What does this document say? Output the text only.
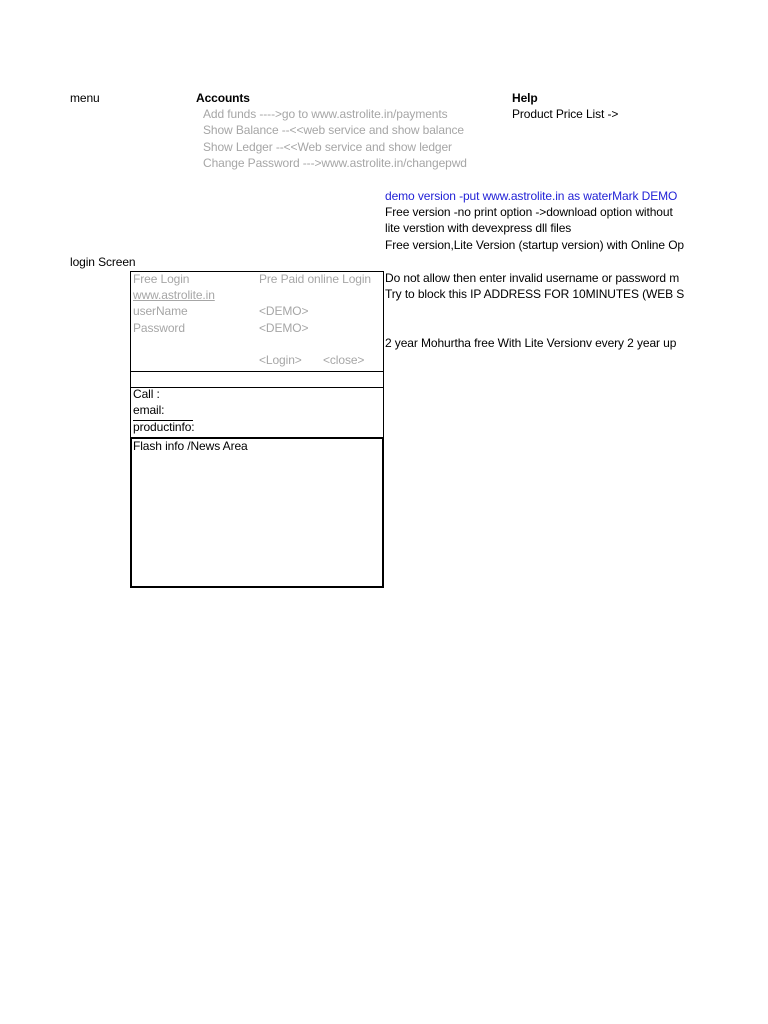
menu	Accounts
Add funds ---->go to www.astrolite.in/payments
Show Balance --<<web service and show balance
Show Ledger --<<Web service and show ledger
Change Password --->www.astrolite.in/changepwd
Help
Product Price List ->
demo version -put www.astrolite.in as waterMark DEMO
Free version -no print option ->download option without
lite verstion with devexpress dll files
Free version,Lite Version (startup version) with Online Op
Do not allow then enter invalid username or password m
Try to block this IP ADDRESS FOR 10MINUTES (WEB S
2 year Mohurtha free With Lite Versionv every 2 year up
login Screen
Free Login	Pre Paid online Login
www.astrolite.in
userName	<DEMO>
Password	<DEMO>
<Login> <close>
Call :
email:
productinfo:
Flash info /News Area
